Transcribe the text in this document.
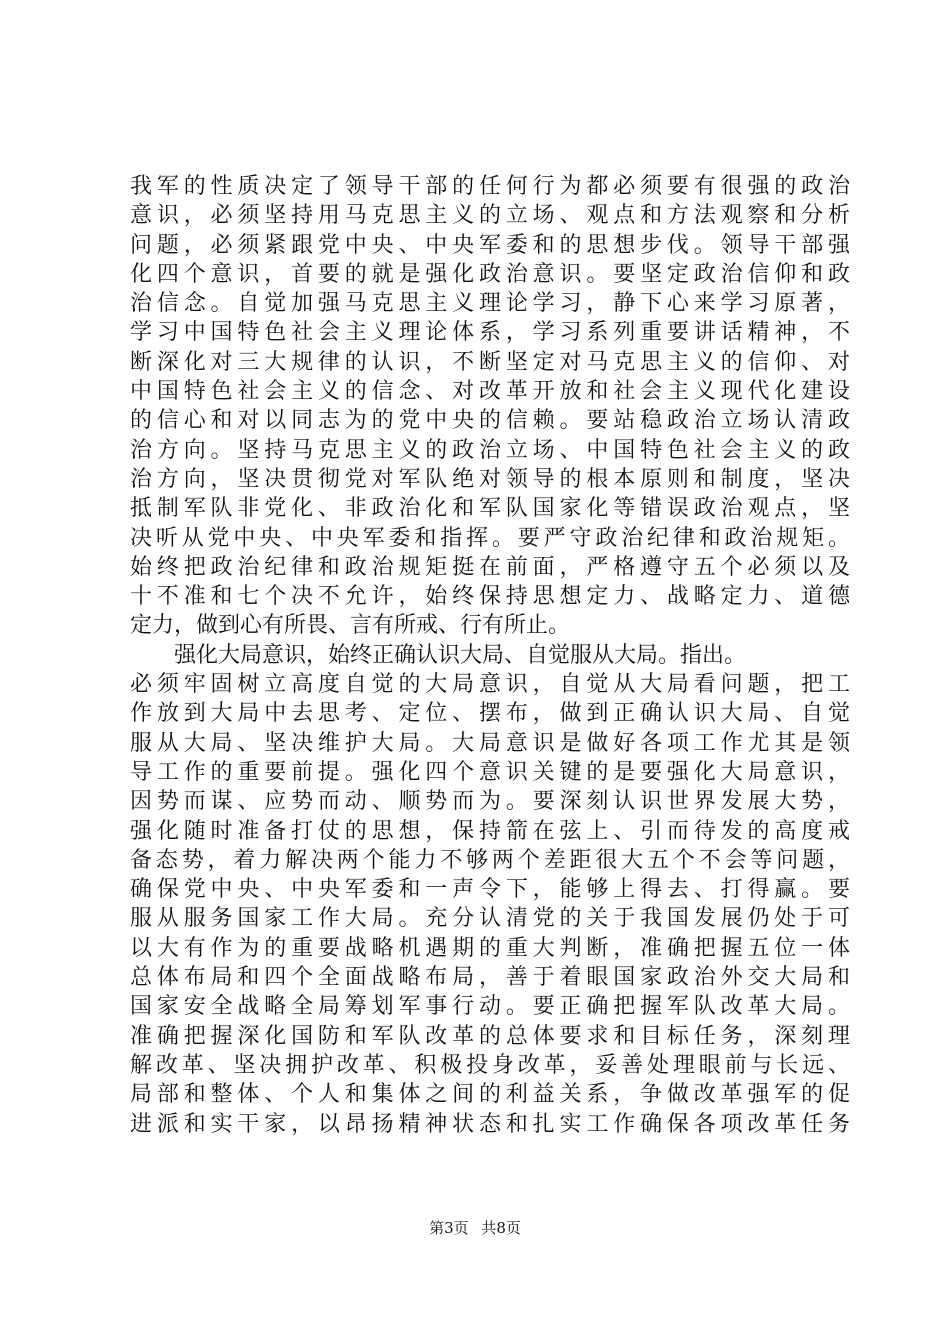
我军的性质决定了领导干部的任何行为都必须要有很强的政治
意识，必须坚持用马克思主义的立场、观点和方法观察和分析
问题，必须紧跟党中央、中央军委和的思想步伐。领导干部强
化四个意识，首要的就是强化政治意识。要坚定政治信仰和政
治信念。自觉加强马克思主义理论学习，静下心来学习原著，
学习中国特色社会主义理论体系，学习系列重要讲话精神，不
断深化对三大规律的认识，不断坚定对马克思主义的信仰、对
中国特色社会主义的信念、对改革开放和社会主义现代化建设
的信心和对以同志为的党中央的信赖。要站稳政治立场认清政
治方向。坚持马克思主义的政治立场、中国特色社会主义的政
治方向，坚决贯彻党对军队绝对领导的根本原则和制度，坚决
抵制军队非党化、非政治化和军队国家化等错误政治观点，坚
决听从党中央、中央军委和指挥。要严守政治纪律和政治规矩。
始终把政治纪律和政治规矩挺在前面，严格遵守五个必须以及
十不准和七个决不允许，始终保持思想定力、战略定力、道德
定力，做到心有所畏、言有所戒、行有所止。
强化大局意识，始终正确认识大局、自觉服从大局。指出。
必须牢固树立高度自觉的大局意识，自觉从大局看问题，把工
作放到大局中去思考、定位、摆布，做到正确认识大局、自觉
服从大局、坚决维护大局。大局意识是做好各项工作尤其是领
导工作的重要前提。强化四个意识关键的是要强化大局意识，
因势而谋、应势而动、顺势而为。要深刻认识世界发展大势，
强化随时准备打仗的思想，保持箭在弦上、引而待发的高度戒
备态势，着力解决两个能力不够两个差距很大五个不会等问题，
确保党中央、中央军委和一声令下，能够上得去、打得赢。要
服从服务国家工作大局。充分认清党的关于我国发展仍处于可
以大有作为的重要战略机遇期的重大判断，准确把握五位一体
总体布局和四个全面战略布局，善于着眼国家政治外交大局和
国家安全战略全局筹划军事行动。要正确把握军队改革大局。
准确把握深化国防和军队改革的总体要求和目标任务，深刻理
解改革、坚决拥护改革、积极投身改革，妥善处理眼前与长远、
局部和整体、个人和集体之间的利益关系，争做改革强军的促
进派和实干家，以昂扬精神状态和扎实工作确保各项改革任务
第3页 共8页
